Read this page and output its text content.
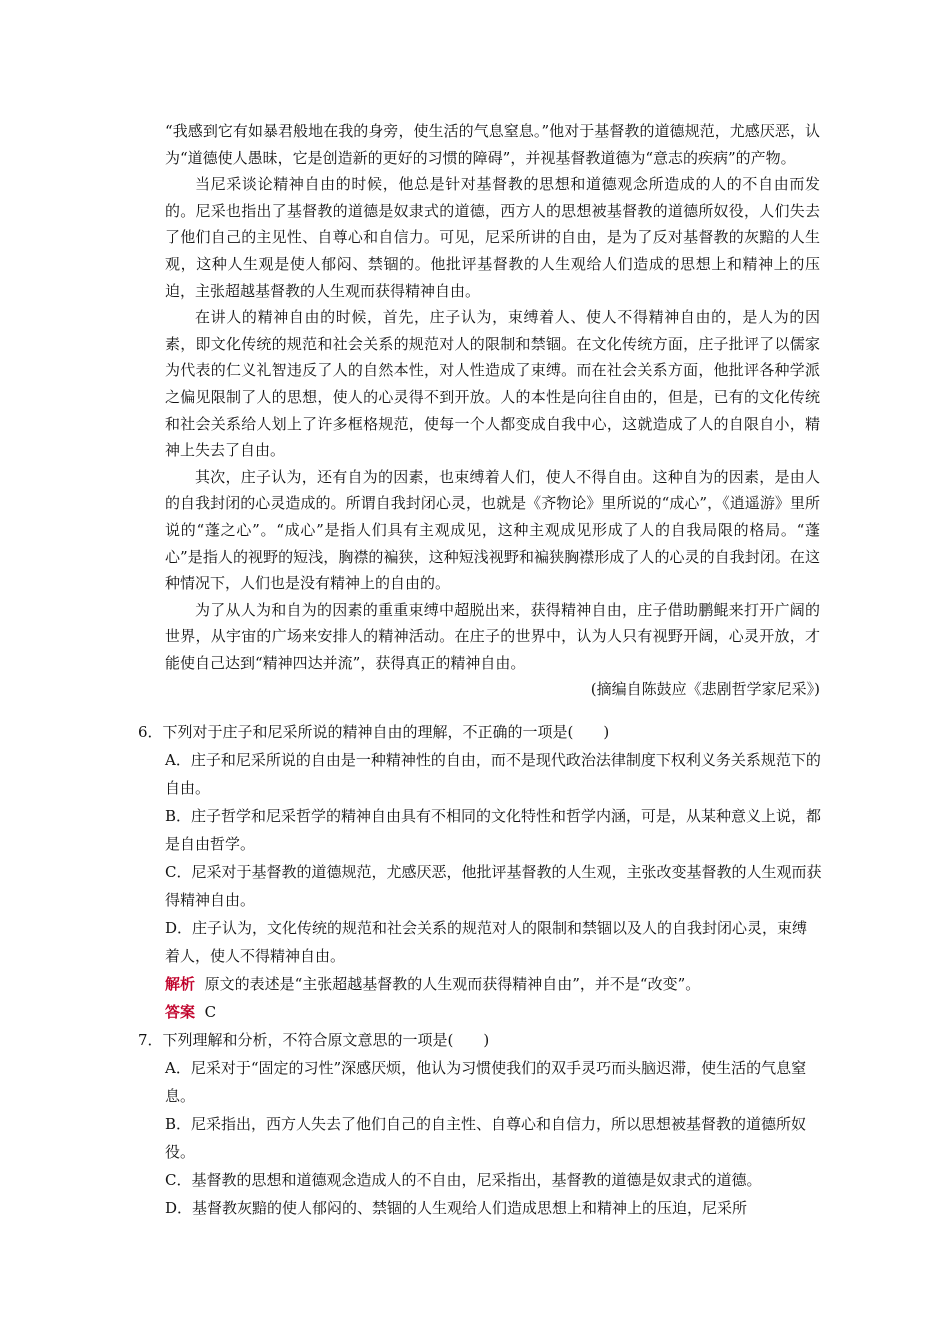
“我感到它有如暴君般地在我的身旁，使生活的气息窒息。”他对于基督教的道德规范，尤感厌恶，认为“道德使人愚昧，它是创造新的更好的习惯的障碍”，并视基督教道德为“意志的疾病”的产物。

当尼采谈论精神自由的时候，他总是针对基督教的思想和道德观念所造成的人的不自由而发的。尼采也指出了基督教的道德是奴隶式的道德，西方人的思想被基督教的道德所奴役，人们失去了他们自己的主见性、自尊心和自信力。可见，尼采所讲的自由，是为了反对基督教的灰黯的人生观，这种人生观是使人郁闷、禁锢的。他批评基督教的人生观给人们造成的思想上和精神上的压迫，主张超越基督教的人生观而获得精神自由。

在讲人的精神自由的时候，首先，庄子认为，束缚着人、使人不得精神自由的，是人为的因素，即文化传统的规范和社会关系的规范对人的限制和禁锢。在文化传统方面，庄子批评了以儒家为代表的仁义礼智违反了人的自然本性，对人性造成了束缚。而在社会关系方面，他批评各种学派之偏见限制了人的思想，使人的心灵得不到开放。人的本性是向往自由的，但是，已有的文化传统和社会关系给人划上了许多框格规范，使每一个人都变成自我中心，这就造成了人的自限自小，精神上失去了自由。

其次，庄子认为，还有自为的因素，也束缚着人们，使人不得自由。这种自为的因素，是由人的自我封闭的心灵造成的。所谓自我封闭心灵，也就是《齐物论》里所说的“成心”，《逍遥游》里所说的“蓬之心”。“成心”是指人们具有主观成见，这种主观成见形成了人的自我局限的格局。“蓬心”是指人的视野的短浅，胸襟的褊狭，这种短浅视野和褊狭胸襟形成了人的心灵的自我封闭。在这种情况下，人们也是没有精神上的自由的。

为了从人为和自为的因素的重重束缚中超脱出来，获得精神自由，庄子借助鹏鲲来打开广阔的世界，从宇宙的广场来安排人的精神活动。在庄子的世界中，认为人只有视野开阔，心灵开放，才能使自己达到“精神四达并流”，获得真正的精神自由。

(摘编自陈鼓应《悲剧哲学家尼采》)

6．下列对于庄子和尼采所说的精神自由的理解，不正确的一项是(　　)

A．庄子和尼采所说的自由是一种精神性的自由，而不是现代政治法律制度下权利义务关系规范下的自由。

B．庄子哲学和尼采哲学的精神自由具有不相同的文化特性和哲学内涵，可是，从某种意义上说，都是自由哲学。

C．尼采对于基督教的道德规范，尤感厌恶，他批评基督教的人生观，主张改变基督教的人生观而获得精神自由。

D．庄子认为，文化传统的规范和社会关系的规范对人的限制和禁锢以及人的自我封闭心灵，束缚着人，使人不得精神自由。

解析 原文的表述是“主张超越基督教的人生观而获得精神自由”，并不是“改变”。

答案 C

7．下列理解和分析，不符合原文意思的一项是(　　)

A．尼采对于“固定的习性”深感厌烦，他认为习惯使我们的双手灵巧而头脑迟滞，使生活的气息窒息。

B．尼采指出，西方人失去了他们自己的自主性、自尊心和自信力，所以思想被基督教的道德所奴役。

C．基督教的思想和道德观念造成人的不自由，尼采指出，基督教的道德是奴隶式的道德。

D．基督教灰黯的使人郁闷的、禁锢的人生观给人们造成思想上和精神上的压迫，尼采所
